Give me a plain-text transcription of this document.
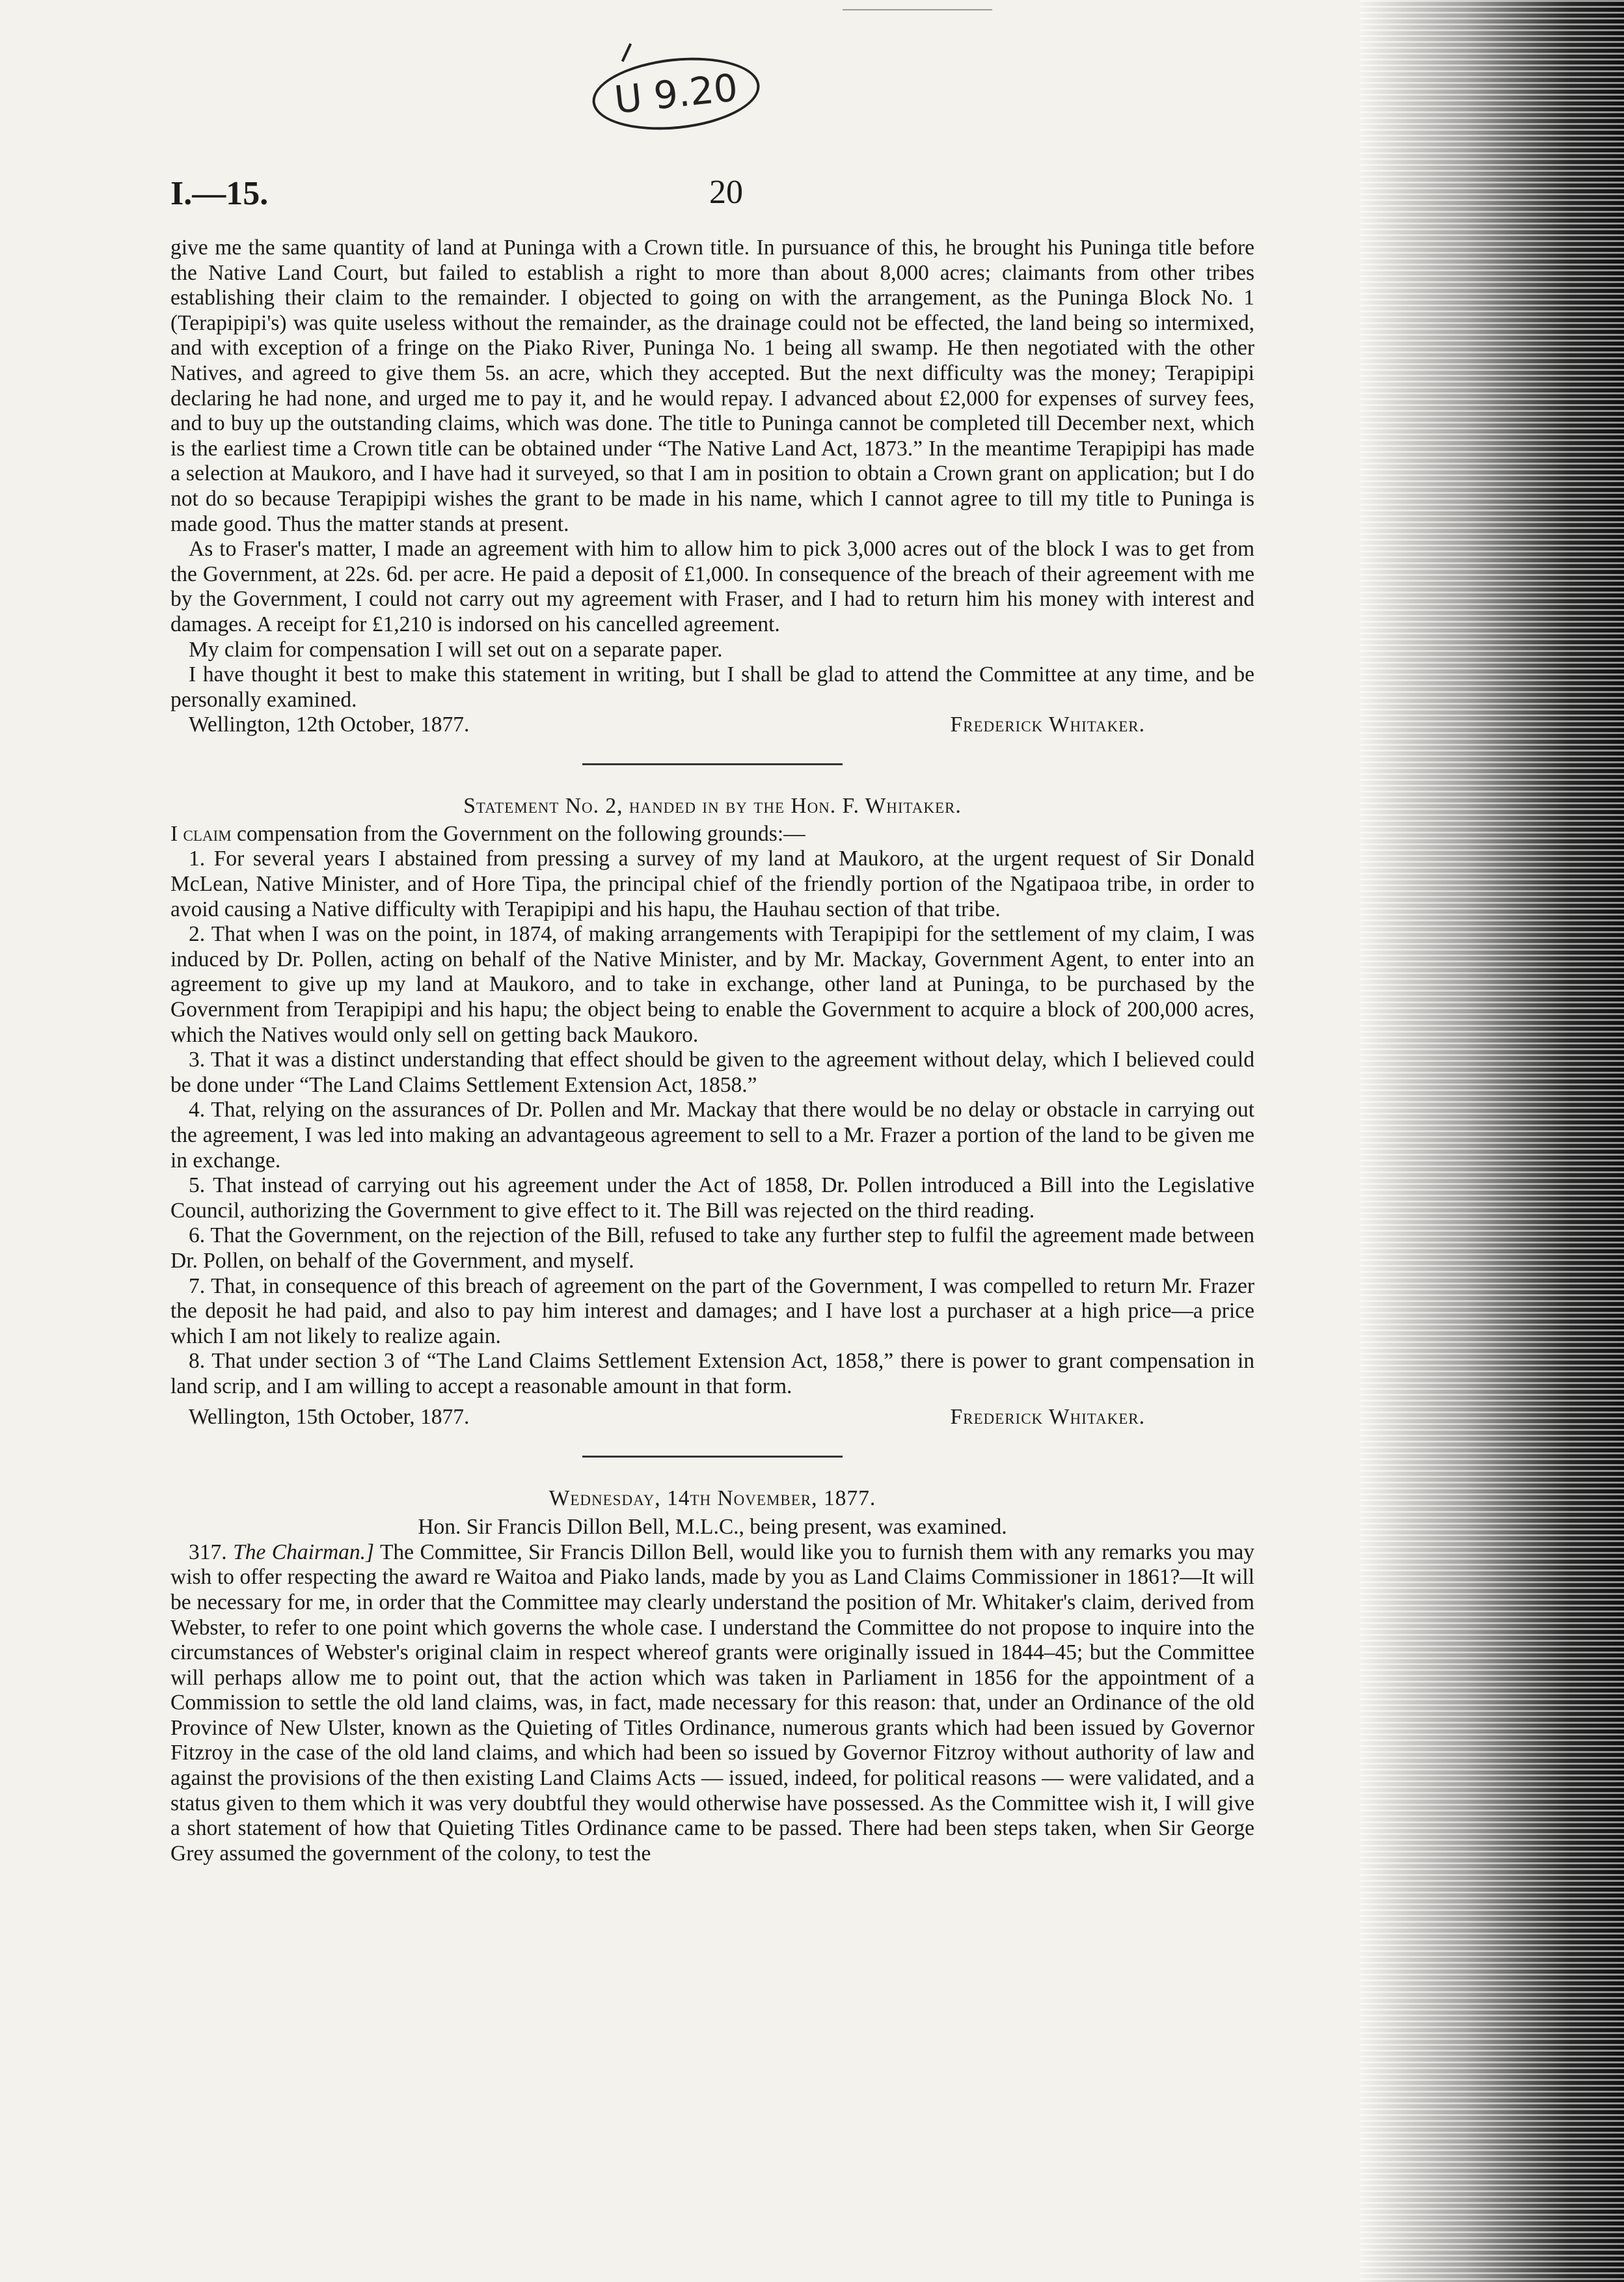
U 9.20
I.—15.	20

give me the same quantity of land at Puninga with a Crown title. In pursuance of this, he brought his Puninga title before the Native Land Court, but failed to establish a right to more than about 8,000 acres; claimants from other tribes establishing their claim to the remainder. I objected to going on with the arrangement, as the Puninga Block No. 1 (Terapipipi's) was quite useless without the remainder, as the drainage could not be effected, the land being so intermixed, and with exception of a fringe on the Piako River, Puninga No. 1 being all swamp. He then negotiated with the other Natives, and agreed to give them 5s. an acre, which they accepted. But the next difficulty was the money; Terapipipi declaring he had none, and urged me to pay it, and he would repay. I advanced about £2,000 for expenses of survey fees, and to buy up the outstanding claims, which was done. The title to Puninga cannot be completed till December next, which is the earliest time a Crown title can be obtained under “The Native Land Act, 1873.” In the meantime Terapipipi has made a selection at Maukoro, and I have had it surveyed, so that I am in position to obtain a Crown grant on application; but I do not do so because Terapipipi wishes the grant to be made in his name, which I cannot agree to till my title to Puninga is made good. Thus the matter stands at present.

As to Fraser's matter, I made an agreement with him to allow him to pick 3,000 acres out of the block I was to get from the Government, at 22s. 6d. per acre. He paid a deposit of £1,000. In consequence of the breach of their agreement with me by the Government, I could not carry out my agreement with Fraser, and I had to return him his money with interest and damages. A receipt for £1,210 is indorsed on his cancelled agreement.

My claim for compensation I will set out on a separate paper.

I have thought it best to make this statement in writing, but I shall be glad to attend the Committee at any time, and be personally examined.

Wellington, 12th October, 1877.	Frederick Whitaker.

Statement No. 2, handed in by the Hon. F. Whitaker.

I claim compensation from the Government on the following grounds:—

1. For several years I abstained from pressing a survey of my land at Maukoro, at the urgent request of Sir Donald McLean, Native Minister, and of Hore Tipa, the principal chief of the friendly portion of the Ngatipaoa tribe, in order to avoid causing a Native difficulty with Terapipipi and his hapu, the Hauhau section of that tribe.

2. That when I was on the point, in 1874, of making arrangements with Terapipipi for the settlement of my claim, I was induced by Dr. Pollen, acting on behalf of the Native Minister, and by Mr. Mackay, Government Agent, to enter into an agreement to give up my land at Maukoro, and to take in exchange, other land at Puninga, to be purchased by the Government from Terapipipi and his hapu; the object being to enable the Government to acquire a block of 200,000 acres, which the Natives would only sell on getting back Maukoro.

3. That it was a distinct understanding that effect should be given to the agreement without delay, which I believed could be done under “The Land Claims Settlement Extension Act, 1858.”

4. That, relying on the assurances of Dr. Pollen and Mr. Mackay that there would be no delay or obstacle in carrying out the agreement, I was led into making an advantageous agreement to sell to a Mr. Frazer a portion of the land to be given me in exchange.

5. That instead of carrying out his agreement under the Act of 1858, Dr. Pollen introduced a Bill into the Legislative Council, authorizing the Government to give effect to it. The Bill was rejected on the third reading.

6. That the Government, on the rejection of the Bill, refused to take any further step to fulfil the agreement made between Dr. Pollen, on behalf of the Government, and myself.

7. That, in consequence of this breach of agreement on the part of the Government, I was compelled to return Mr. Frazer the deposit he had paid, and also to pay him interest and damages; and I have lost a purchaser at a high price—a price which I am not likely to realize again.

8. That under section 3 of “The Land Claims Settlement Extension Act, 1858,” there is power to grant compensation in land scrip, and I am willing to accept a reasonable amount in that form.

Wellington, 15th October, 1877.	Frederick Whitaker.

Wednesday, 14th November, 1877.

Hon. Sir Francis Dillon Bell, M.L.C., being present, was examined.

317. The Chairman.] The Committee, Sir Francis Dillon Bell, would like you to furnish them with any remarks you may wish to offer respecting the award re Waitoa and Piako lands, made by you as Land Claims Commissioner in 1861?—It will be necessary for me, in order that the Committee may clearly understand the position of Mr. Whitaker's claim, derived from Webster, to refer to one point which governs the whole case. I understand the Committee do not propose to inquire into the circumstances of Webster's original claim in respect whereof grants were originally issued in 1844–45; but the Committee will perhaps allow me to point out, that the action which was taken in Parliament in 1856 for the appointment of a Commission to settle the old land claims, was, in fact, made necessary for this reason: that, under an Ordinance of the old Province of New Ulster, known as the Quieting of Titles Ordinance, numerous grants which had been issued by Governor Fitzroy in the case of the old land claims, and which had been so issued by Governor Fitzroy without authority of law and against the provisions of the then existing Land Claims Acts — issued, indeed, for political reasons — were validated, and a status given to them which it was very doubtful they would otherwise have possessed. As the Committee wish it, I will give a short statement of how that Quieting Titles Ordinance came to be passed. There had been steps taken, when Sir George Grey assumed the government of the colony, to test the
